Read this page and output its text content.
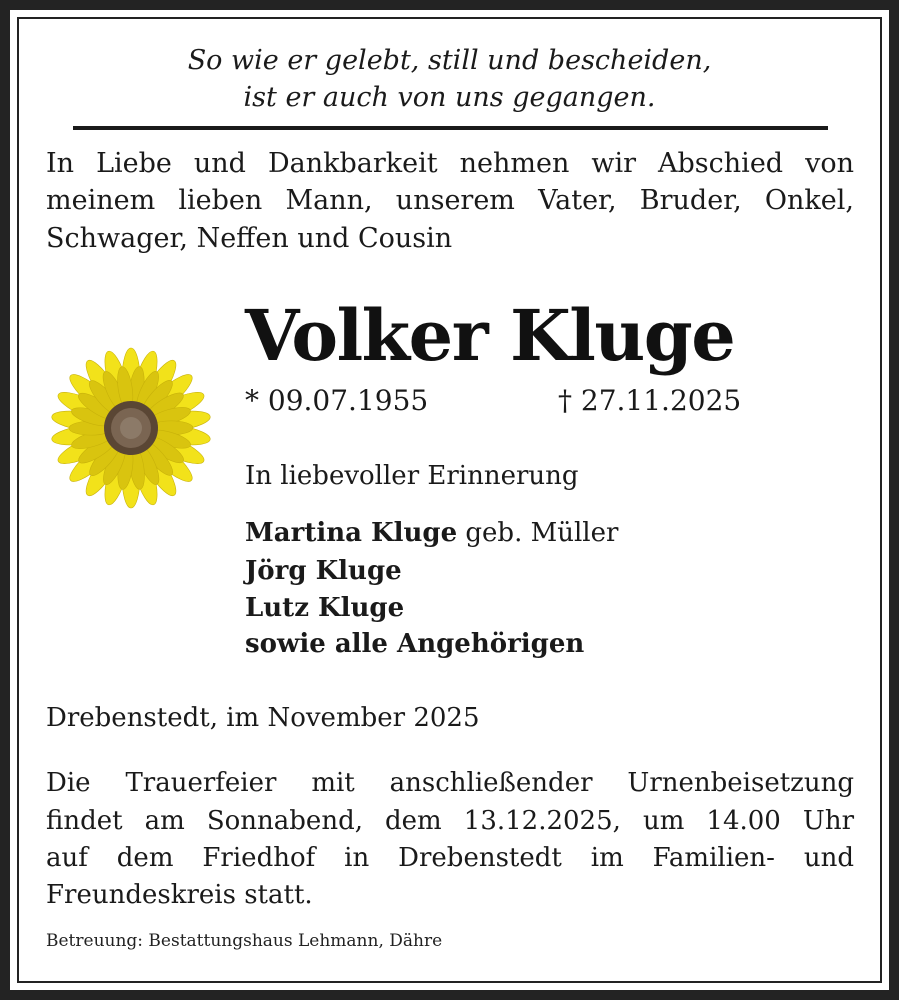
So wie er gelebt, still und bescheiden,
ist er auch von uns gegangen.
In Liebe und Dankbarkeit nehmen wir Abschied von
meinem lieben Mann, unserem Vater, Bruder, Onkel,
Schwager, Neffen und Cousin
Volker Kluge
* 09.07.1955	† 27.11.2025
In liebevoller Erinnerung
Martina Kluge geb. Müller
Jörg Kluge
Lutz Kluge
sowie alle Angehörigen
Drebenstedt, im November 2025
Die Trauerfeier mit anschließender Urnenbeisetzung
findet am Sonnabend, dem 13.12.2025, um 14.00 Uhr
auf dem Friedhof in Drebenstedt im Familien- und
Freundeskreis statt.
Betreuung: Bestattungshaus Lehmann, Dähre
